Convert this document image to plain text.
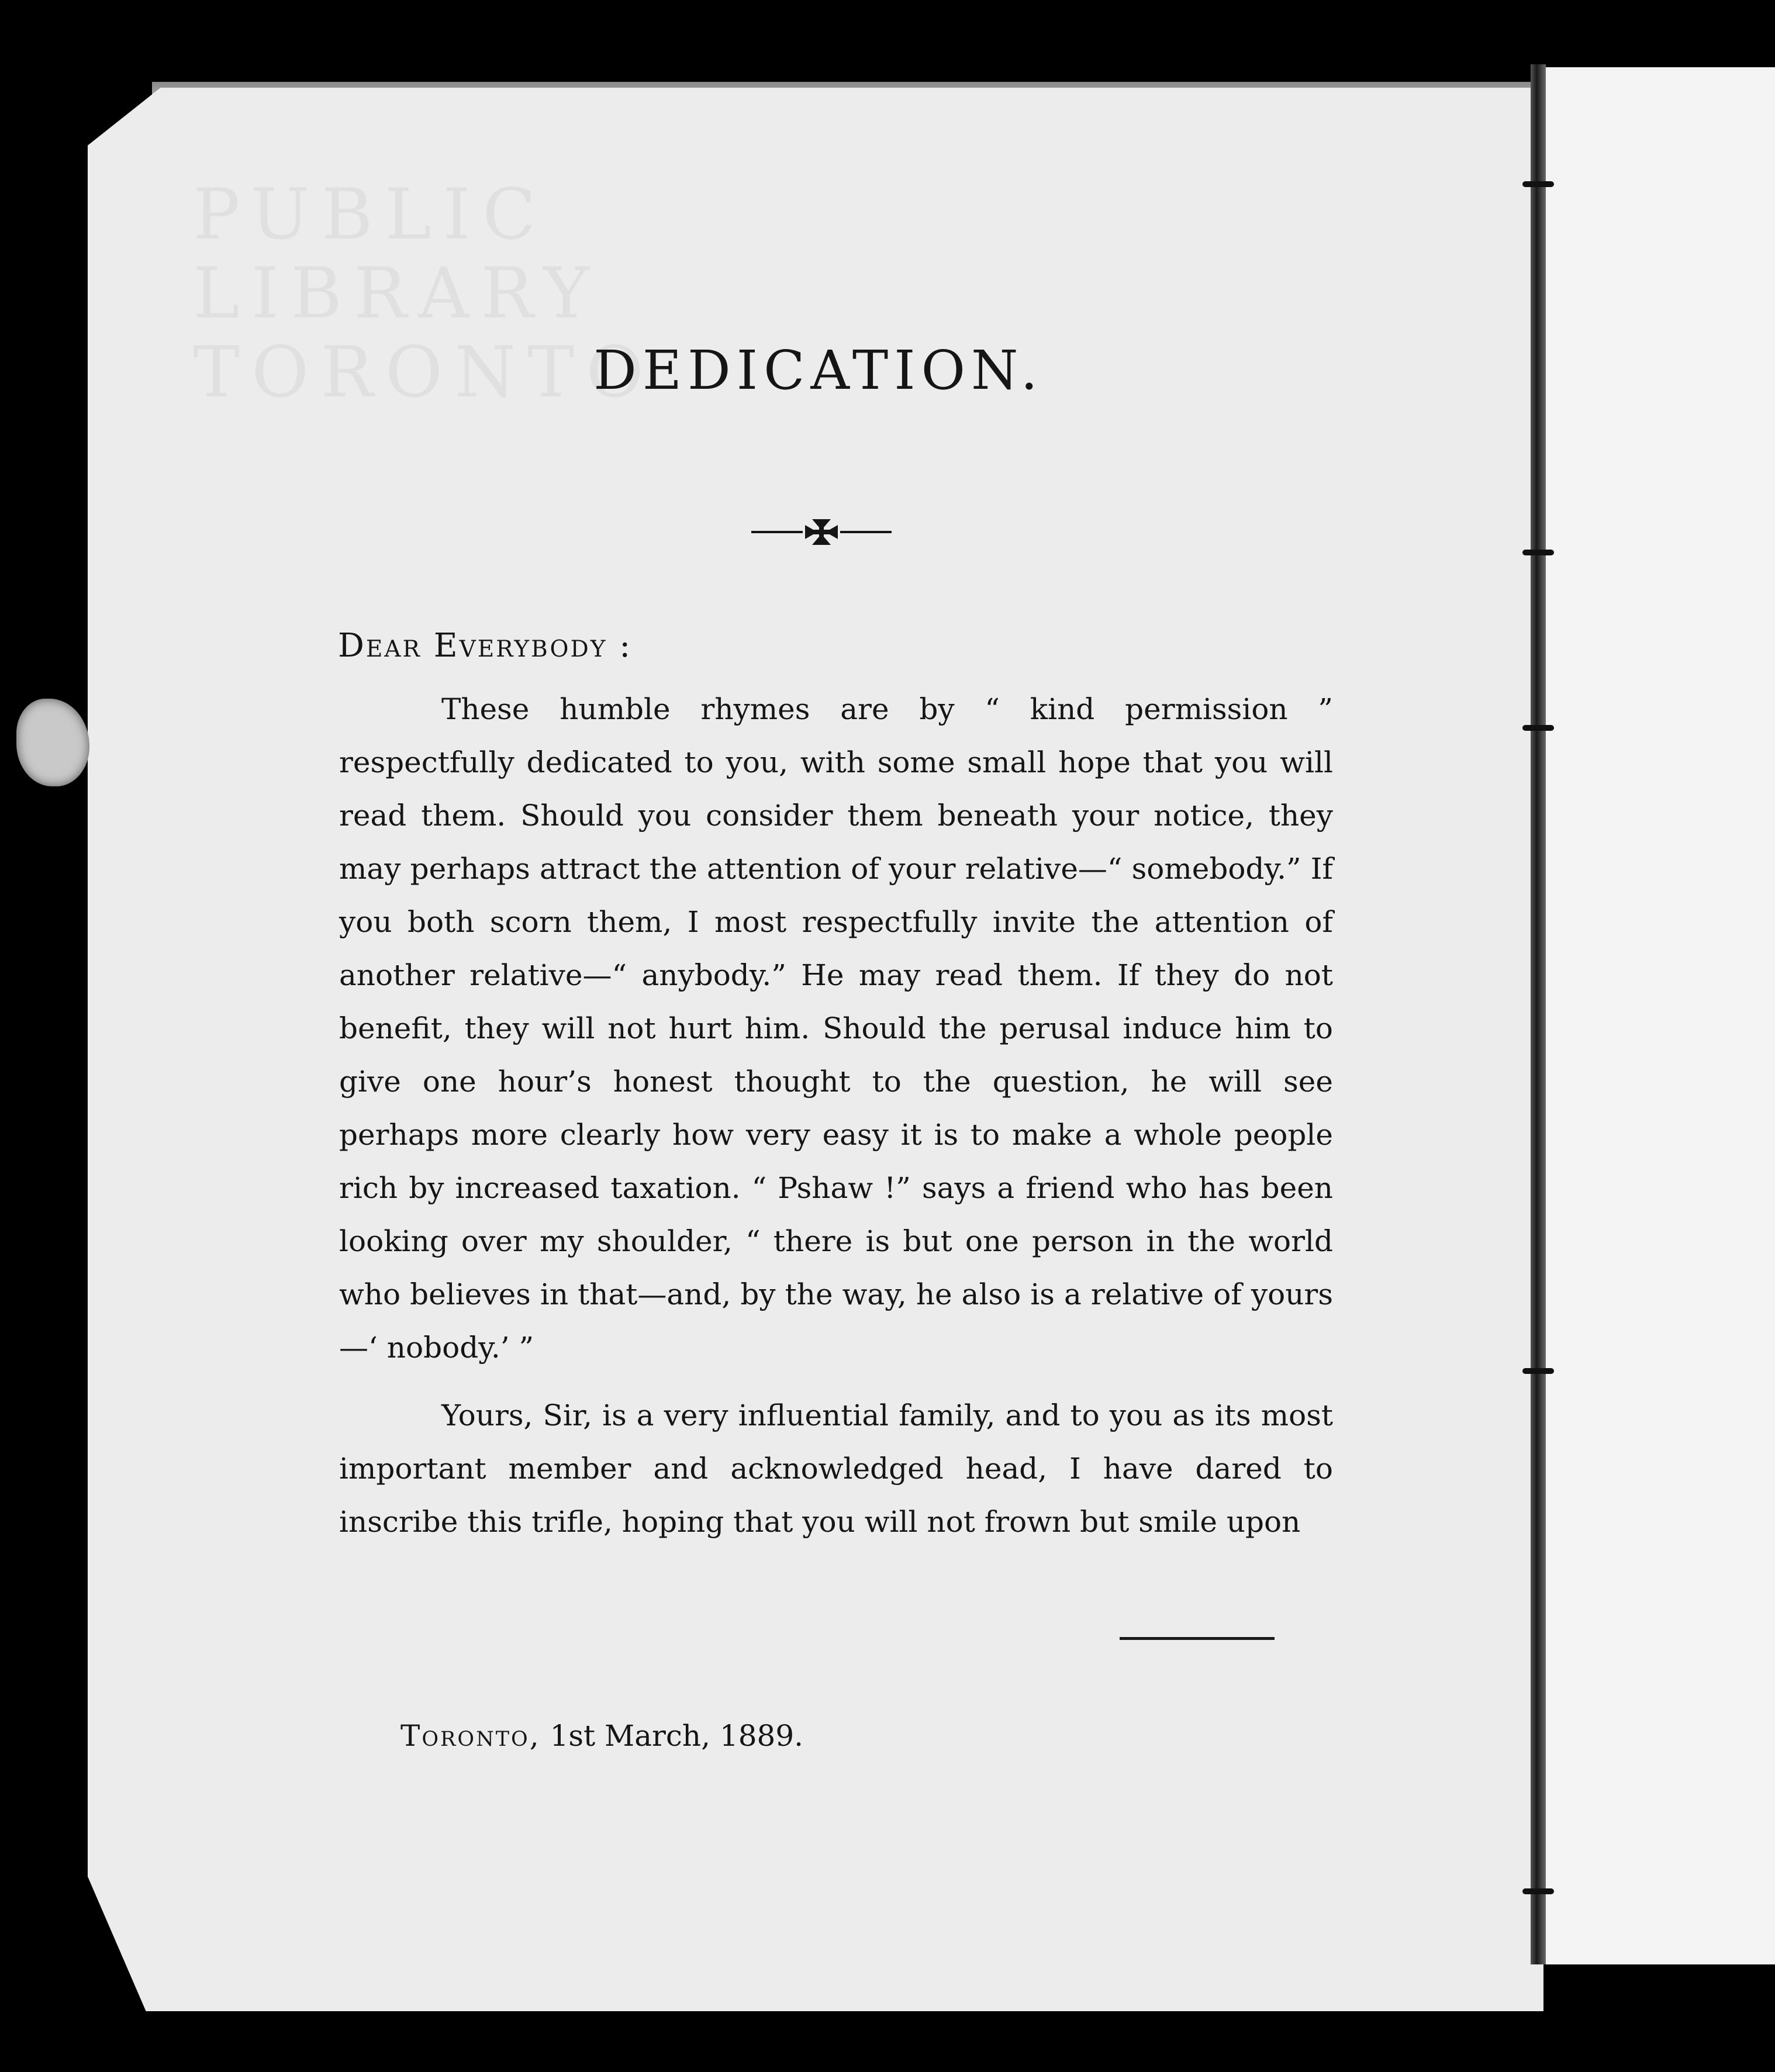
PUBLIC
LIBRARY
TORONTO
DEDICATION.
Dear Everybody :

These humble rhymes are by “ kind permission ” respectfully dedicated to you, with some small hope that you will read them. Should you consider them beneath your notice, they may perhaps attract the attention of your relative—“ somebody.” If you both scorn them, I most respectfully invite the attention of another relative—“ anybody.” He may read them. If they do not benefit, they will not hurt him. Should the perusal induce him to give one hour’s honest thought to the question, he will see perhaps more clearly how very easy it is to make a whole people rich by increased taxation. “ Pshaw !” says a friend who has been looking over my shoulder, “ there is but one person in the world who believes in that—and, by the way, he also is a relative of yours—‘ nobody.’ ”

Yours, Sir, is a very influential family, and to you as its most important member and acknowledged head, I have dared to inscribe this trifle, hoping that you will not frown but smile upon

Toronto, 1st March, 1889.
